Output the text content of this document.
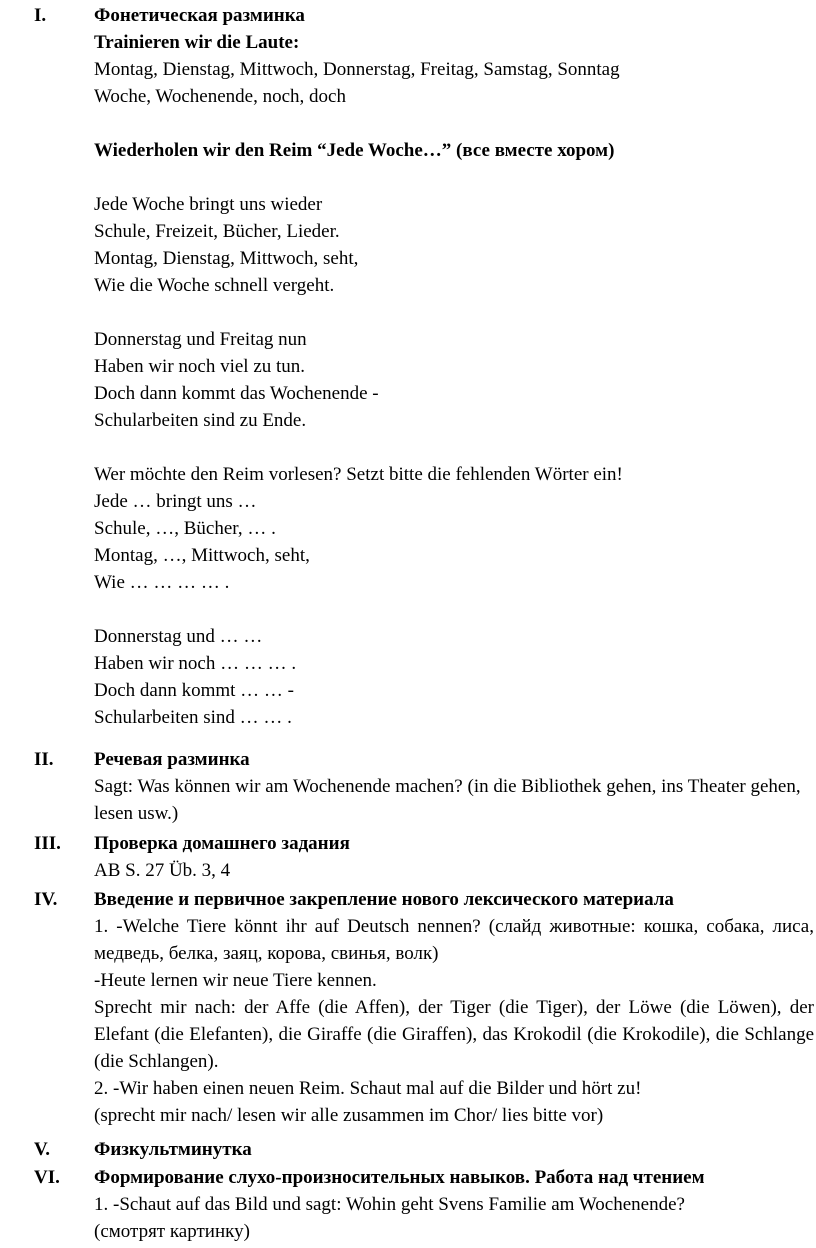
I.	Фонетическая разминка
Trainieren wir die Laute:
Montag, Dienstag, Mittwoch, Donnerstag, Freitag, Samstag, Sonntag
Woche, Wochenende, noch, doch
Wiederholen wir den Reim “Jede Woche…” (все вместе хором)
Jede Woche bringt uns wieder
Schule, Freizeit, Bücher, Lieder.
Montag, Dienstag, Mittwoch, seht,
Wie die Woche schnell vergeht.
Donnerstag und Freitag nun
Haben wir noch viel zu tun.
Doch dann kommt das Wochenende -
Schularbeiten sind zu Ende.
Wer möchte den Reim vorlesen? Setzt bitte die fehlenden Wörter ein!
Jede … bringt uns …
Schule, …, Bücher, … .
Montag, …, Mittwoch, seht,
Wie … … … … .
Donnerstag und … …
Haben wir noch … … … .
Doch dann kommt … … -
Schularbeiten sind … … .
II. Речевая разминка
Sagt: Was können wir am Wochenende machen? (in die Bibliothek gehen, ins Theater gehen, lesen usw.)
III. Проверка домашнего задания
AB S. 27 Üb. 3, 4
IV. Введение и первичное закрепление нового лексического материала
1. -Welche Tiere könnt ihr auf Deutsch nennen? (слайд животные: кошка, собака, лиса, медведь, белка, заяц, корова, свинья, волк)
-Heute lernen wir neue Tiere kennen.
Sprecht mir nach: der Affe (die Affen), der Tiger (die Tiger), der Löwe (die Löwen), der Elefant (die Elefanten), die Giraffe (die Giraffen), das Krokodil (die Krokodile), die Schlange (die Schlangen).
2. -Wir haben einen neuen Reim. Schaut mal auf die Bilder und hört zu!
(sprecht mir nach/ lesen wir alle zusammen im Chor/ lies bitte vor)
V. Физкультминутка
VI. Формирование слухо-произносительных навыков. Работа над чтением
1. -Schaut auf das Bild und sagt: Wohin geht Svens Familie am Wochenende?
(смотрят картинку)
